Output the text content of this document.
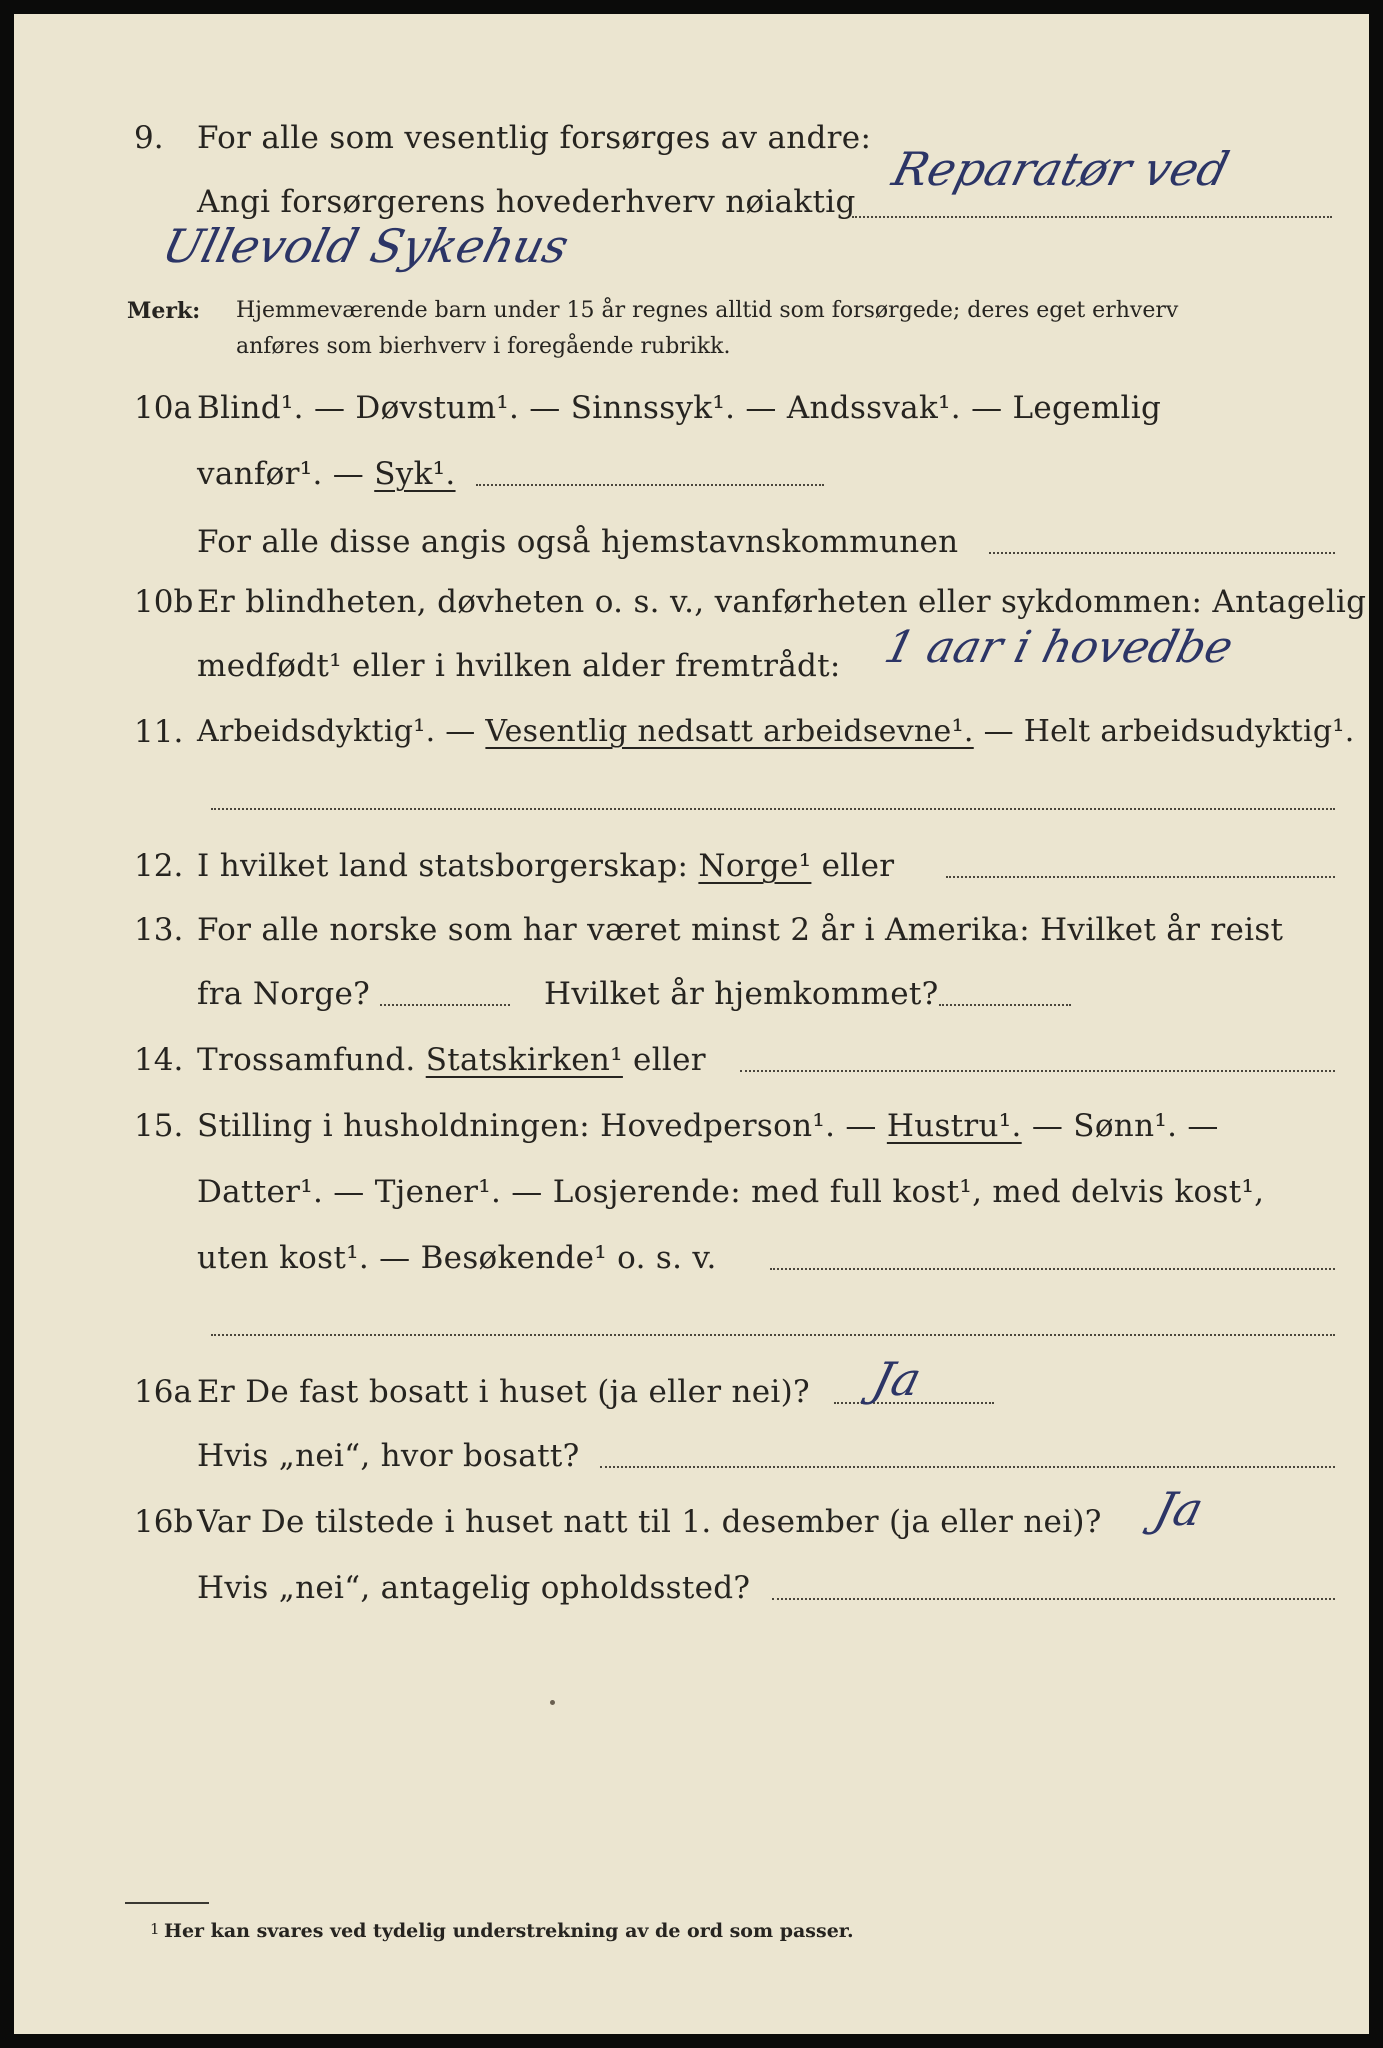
9. For alle som vesentlig forsørges av andre:
Reparatør ved
Angi forsørgerens hovederhverv nøiaktig
Ullevold Sykehus
Merk: Hjemmeværende barn under 15 år regnes alltid som forsørgede; deres eget erhverv
anføres som bierhverv i foregående rubrikk.
10a Blind¹. — Døvstum¹. — Sinnssyk¹. — Andssvak¹. — Legemlig
vanfør¹. — Syk¹.
For alle disse angis også hjemstavnskommunen
10b Er blindheten, døvheten o. s. v., vanførheten eller sykdommen: Antagelig
medfødt¹ eller i hvilken alder fremtrådt: 1 aar i hovedbe
11. Arbeidsdyktig¹. — Vesentlig nedsatt arbeidsevne¹. — Helt arbeidsudyktig¹.
12. I hvilket land statsborgerskap: Norge¹ eller
13. For alle norske som har været minst 2 år i Amerika: Hvilket år reist
fra Norge?	Hvilket år hjemkommet?
14. Trossamfund. Statskirken¹ eller
15. Stilling i husholdningen: Hovedperson¹. — Hustru¹. — Sønn¹. —
Datter¹. — Tjener¹. — Losjerende: med full kost¹, med delvis kost¹,
uten kost¹. — Besøkende¹ o. s. v.
16a Er De fast bosatt i huset (ja eller nei)? Ja
Hvis „nei“, hvor bosatt?
16b Var De tilstede i huset natt til 1. desember (ja eller nei)? Ja
Hvis „nei“, antagelig opholdssted?
1 Her kan svares ved tydelig understrekning av de ord som passer.
